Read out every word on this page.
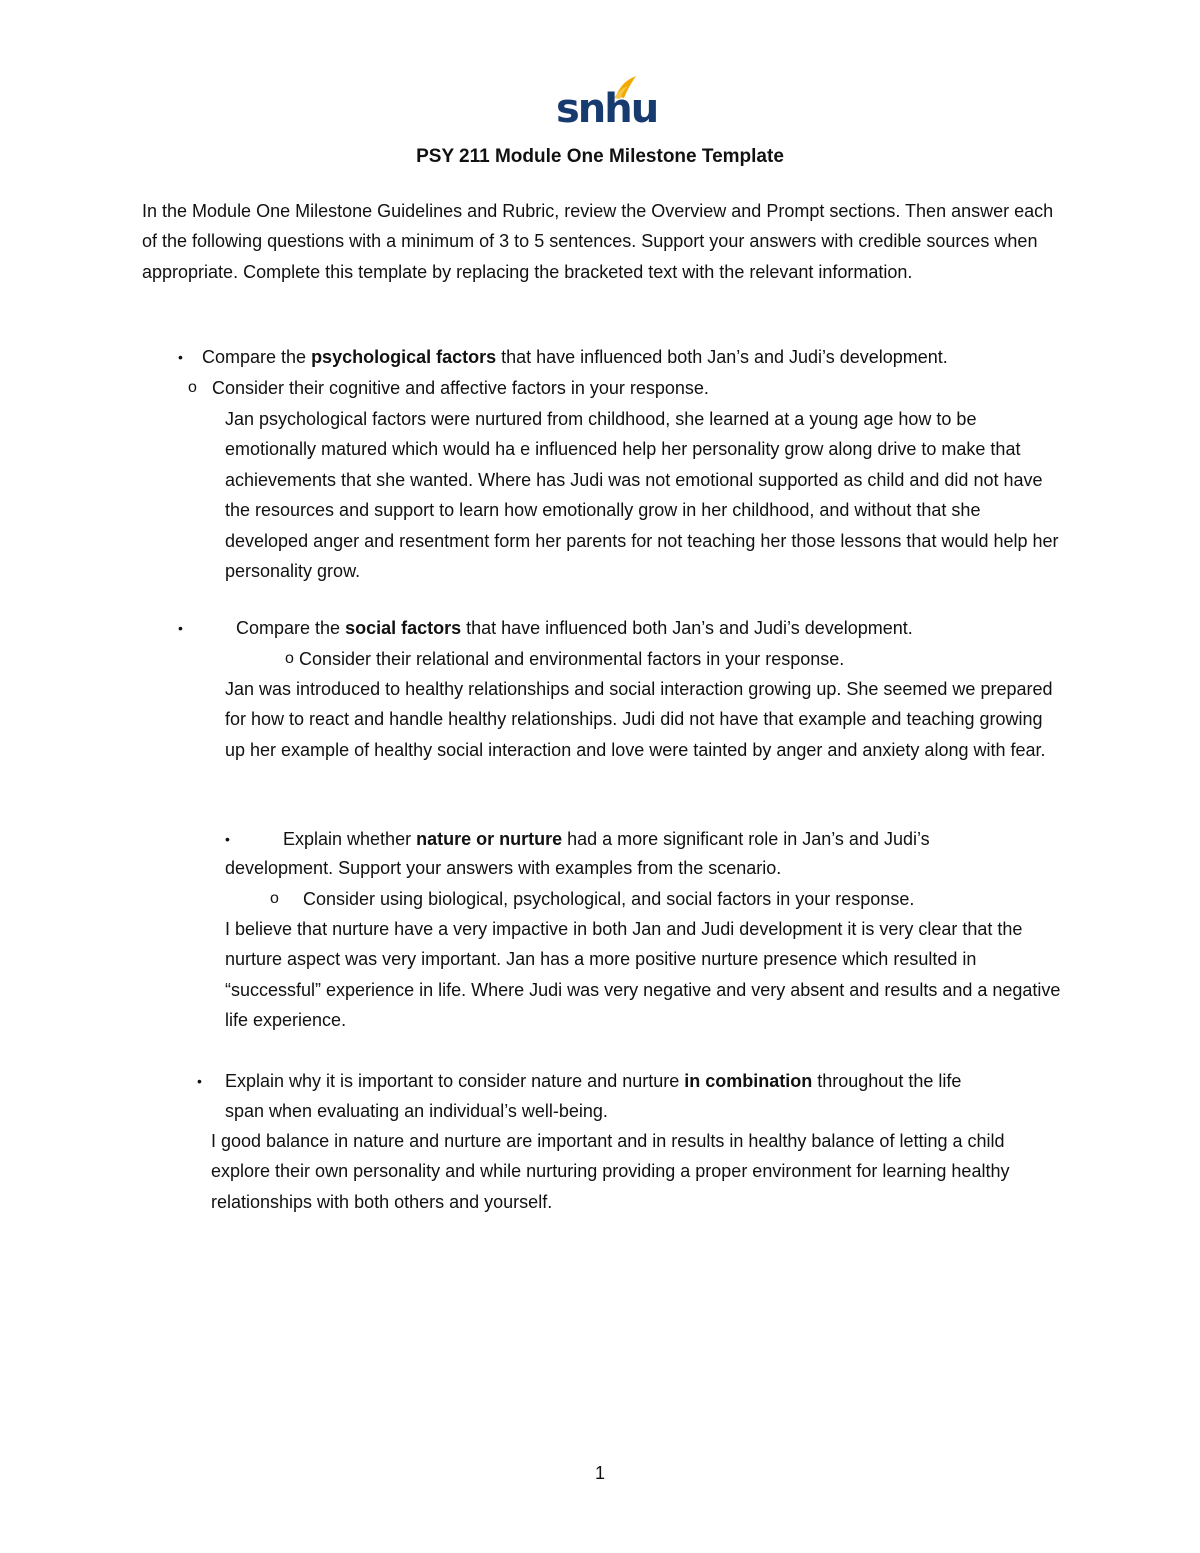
snhu
PSY 211 Module One Milestone Template
In the Module One Milestone Guidelines and Rubric, review the Overview and Prompt sections. Then answer each of the following questions with a minimum of 3 to 5 sentences. Support your answers with credible sources when appropriate. Complete this template by replacing the bracketed text with the relevant information.
• Compare the psychological factors that have influenced both Jan’s and Judi’s development.
o Consider their cognitive and affective factors in your response.
Jan psychological factors were nurtured from childhood, she learned at a young age how to be emotionally matured which would ha e influenced help her personality grow along drive to make that achievements that she wanted. Where has Judi was not emotional supported as child and did not have the resources and support to learn how emotionally grow in her childhood, and without that she developed anger and resentment form her parents for not teaching her those lessons that would help her personality grow.
•	Compare the social factors that have influenced both Jan’s and Judi’s development.
o Consider their relational and environmental factors in your response.
Jan was introduced to healthy relationships and social interaction growing up. She seemed we prepared for how to react and handle healthy relationships. Judi did not have that example and teaching growing up her example of healthy social interaction and love were tainted by anger and anxiety along with fear.
•	Explain whether nature or nurture had a more significant role in Jan’s and Judi’s
development. Support your answers with examples from the scenario.
o Consider using biological, psychological, and social factors in your response.
I believe that nurture have a very impactive in both Jan and Judi development it is very clear that the nurture aspect was very important. Jan has a more positive nurture presence which resulted in “successful” experience in life. Where Judi was very negative and very absent and results and a negative life experience.
• Explain why it is important to consider nature and nurture in combination throughout the life
span when evaluating an individual’s well-being.
I good balance in nature and nurture are important and in results in healthy balance of letting a child explore their own personality and while nurturing providing a proper environment for learning healthy relationships with both others and yourself.
1
